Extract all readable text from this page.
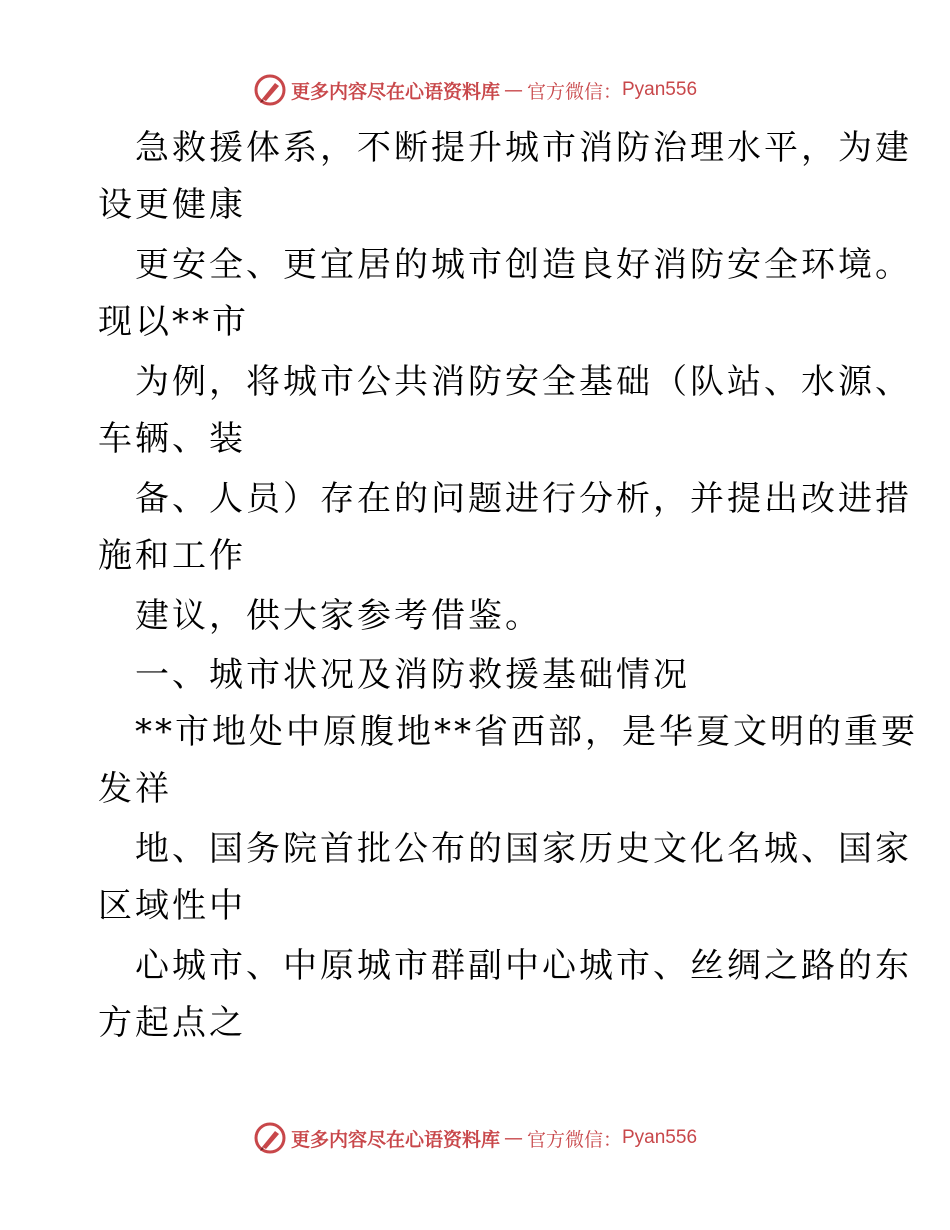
更多内容尽在心语资料库 — 官方微信： Pyan556
急救援体系，不断提升城市消防治理水平，为建
设更健康
更安全、更宜居的城市创造良好消防安全环境。
现以**市
为例，将城市公共消防安全基础（队站、水源、
车辆、装
备、人员）存在的问题进行分析，并提出改进措
施和工作
建议，供大家参考借鉴。
一、城市状况及消防救援基础情况
**市地处中原腹地**省西部，是华夏文明的重要
发祥
地、国务院首批公布的国家历史文化名城、国家
区域性中
心城市、中原城市群副中心城市、丝绸之路的东
方起点之
更多内容尽在心语资料库 — 官方微信： Pyan556
